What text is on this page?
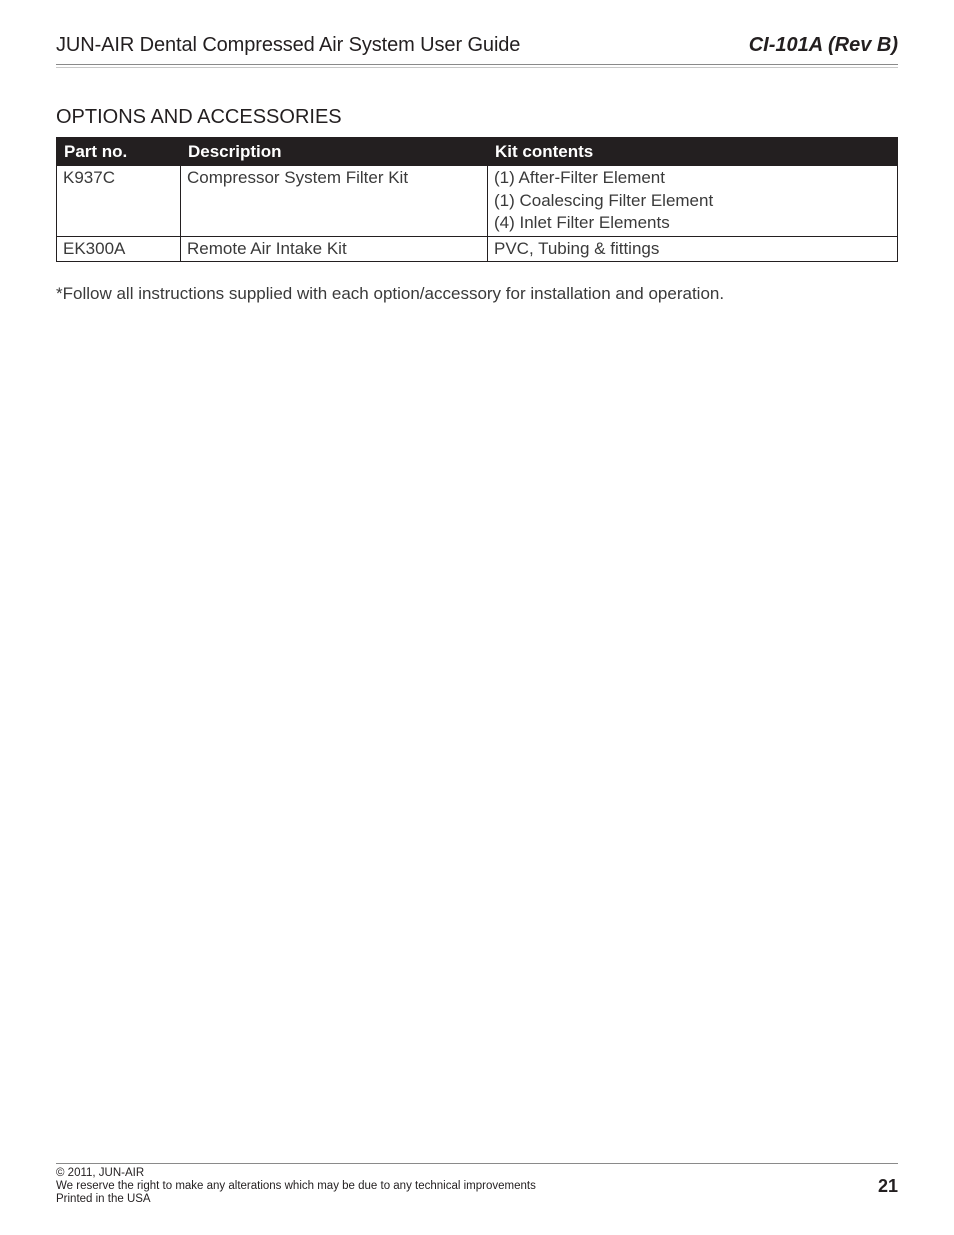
JUN-AIR Dental Compressed Air System User Guide	CI-101A (Rev B)
OPTIONS AND ACCESSORIES
Part no.	Description	Kit contents
K937C	Compressor System Filter Kit	(1) After-Filter Element
(1) Coalescing Filter Element
(4) Inlet Filter Elements

EK300A	Remote Air Intake Kit	PVC, Tubing & fittings
*Follow all instructions supplied with each option/accessory for installation and operation.
© 2011, JUN-AIR
We reserve the right to make any alterations which may be due to any technical improvements
Printed in the USA
21
